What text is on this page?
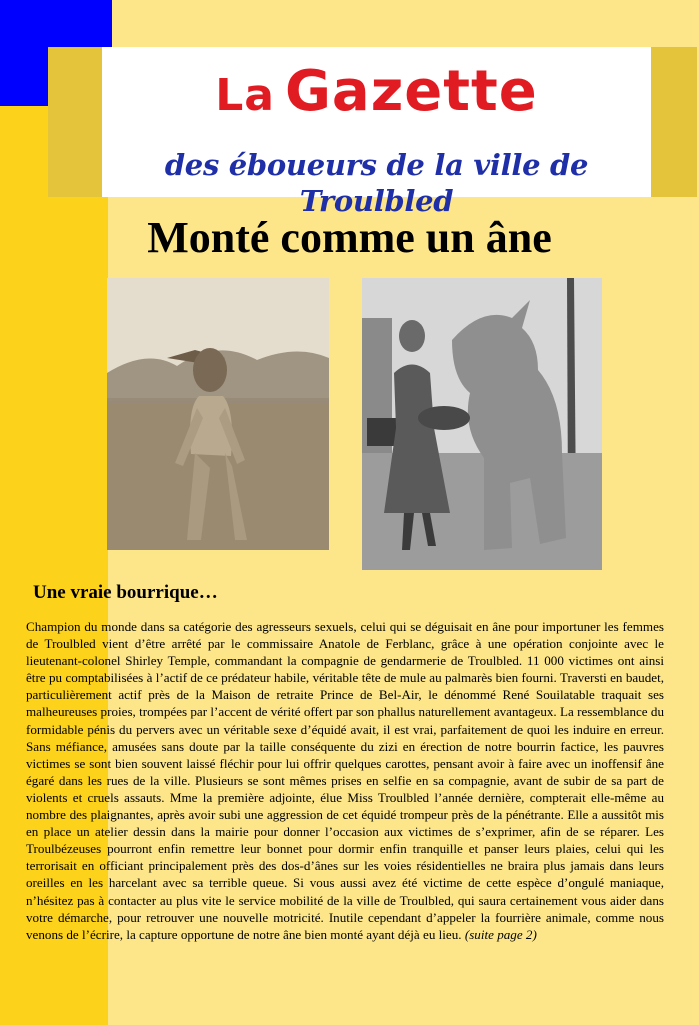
La Gazette
des éboueurs de la ville de Troulbled
Monté comme un âne
Une vraie bourrique…
Champion du monde dans sa catégorie des agresseurs sexuels, celui qui se déguisait en âne pour importuner les femmes de Troulbled vient d’être arrêté par le commissaire Anatole de Ferblanc, grâce à une opération conjointe avec le lieutenant-colonel Shirley Temple, commandant la compagnie de gendarmerie de Troulbled. 11 000 victimes ont ainsi être pu comptabilisées à l’actif de ce prédateur habile, véritable tête de mule au palmarès bien fourni. Traversti en baudet, particulièrement actif près de la Maison de retraite Prince de Bel-Air, le dénommé René Souilatable traquait ses malheureuses proies, trompées par l’accent de vérité offert par son phallus naturellement avantageux. La ressemblance du formidable pénis du pervers avec un véritable sexe d’équidé avait, il est vrai, parfaitement de quoi les induire en erreur. Sans méfiance, amusées sans doute par la taille conséquente du zizi en érection de notre bourrin factice, les pauvres victimes se sont bien souvent laissé fléchir pour lui offrir quelques carottes, pensant avoir à faire avec un inoffensif âne égaré dans les rues de la ville. Plusieurs se sont mêmes prises en selfie en sa compagnie, avant de subir de sa part de violents et cruels assauts. Mme la première adjointe, élue Miss Troulbled l’année dernière, compterait elle-même au nombre des plaignantes, après avoir subi une aggression de cet équidé trompeur près de la pénétrante. Elle a aussitôt mis en place un atelier dessin dans la mairie pour donner l’occasion aux victimes de s’exprimer, afin de se réparer. Les Troulbézeuses pourront enfin remettre leur bonnet pour dormir enfin tranquille et panser leurs plaies, celui qui les terrorisait en officiant principalement près des dos-d’ânes sur les voies résidentielles ne braira plus jamais dans leurs oreilles en les harcelant avec sa terrible queue. Si vous aussi avez été victime de cette espèce d’ongulé maniaque, n’hésitez pas à contacter au plus vite le service mobilité de la ville de Troulbled, qui saura certainement vous aider dans votre démarche, pour retrouver une nouvelle motricité. Inutile cependant d’appeler la fourrière animale, comme nous venons de l’écrire, la capture opportune de notre âne bien monté ayant déjà eu lieu. (suite page 2)
